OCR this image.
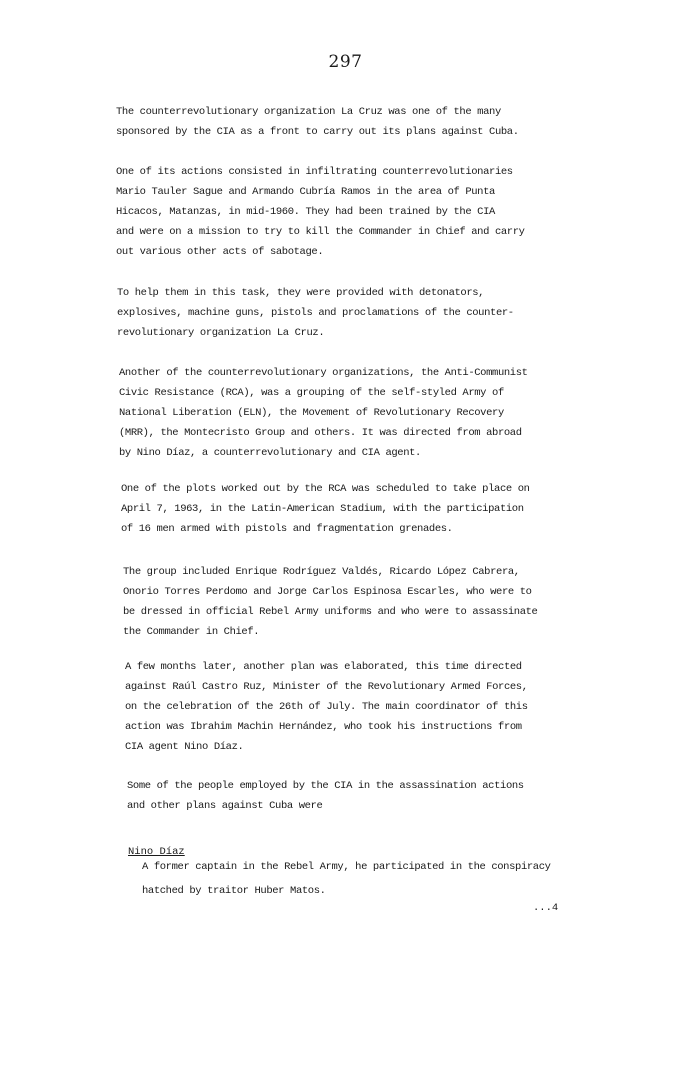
297

The counterrevolutionary organization La Cruz was one of the many
sponsored by the CIA as a front to carry out its plans against Cuba.

One of its actions consisted in infiltrating counterrevolutionaries
Mario Tauler Sague and Armando Cubría Ramos in the area of Punta
Hicacos, Matanzas, in mid-1960. They had been trained by the CIA
and were on a mission to try to kill the Commander in Chief and carry
out various other acts of sabotage.

To help them in this task, they were provided with detonators,
explosives, machine guns, pistols and proclamations of the counter-
revolutionary organization La Cruz.

Another of the counterrevolutionary organizations, the Anti-Communist
Civic Resistance (RCA), was a grouping of the self-styled Army of
National Liberation (ELN), the Movement of Revolutionary Recovery
(MRR), the Montecristo Group and others. It was directed from abroad
by Nino Díaz, a counterrevolutionary and CIA agent.

One of the plots worked out by the RCA was scheduled to take place on
April 7, 1963, in the Latin-American Stadium, with the participation
of 16 men armed with pistols and fragmentation grenades.

The group included Enrique Rodríguez Valdés, Ricardo López Cabrera,
Onorio Torres Perdomo and Jorge Carlos Espinosa Escarles, who were to
be dressed in official Rebel Army uniforms and who were to assassinate
the Commander in Chief.

A few months later, another plan was elaborated, this time directed
against Raúl Castro Ruz, Minister of the Revolutionary Armed Forces,
on the celebration of the 26th of July. The main coordinator of this
action was Ibrahim Machin Hernández, who took his instructions from
CIA agent Nino Díaz.

Some of the people employed by the CIA in the assassination actions
and other plans against Cuba were

Nino Díaz

A former captain in the Rebel Army, he participated in the conspiracy
hatched by traitor Huber Matos.

...4
